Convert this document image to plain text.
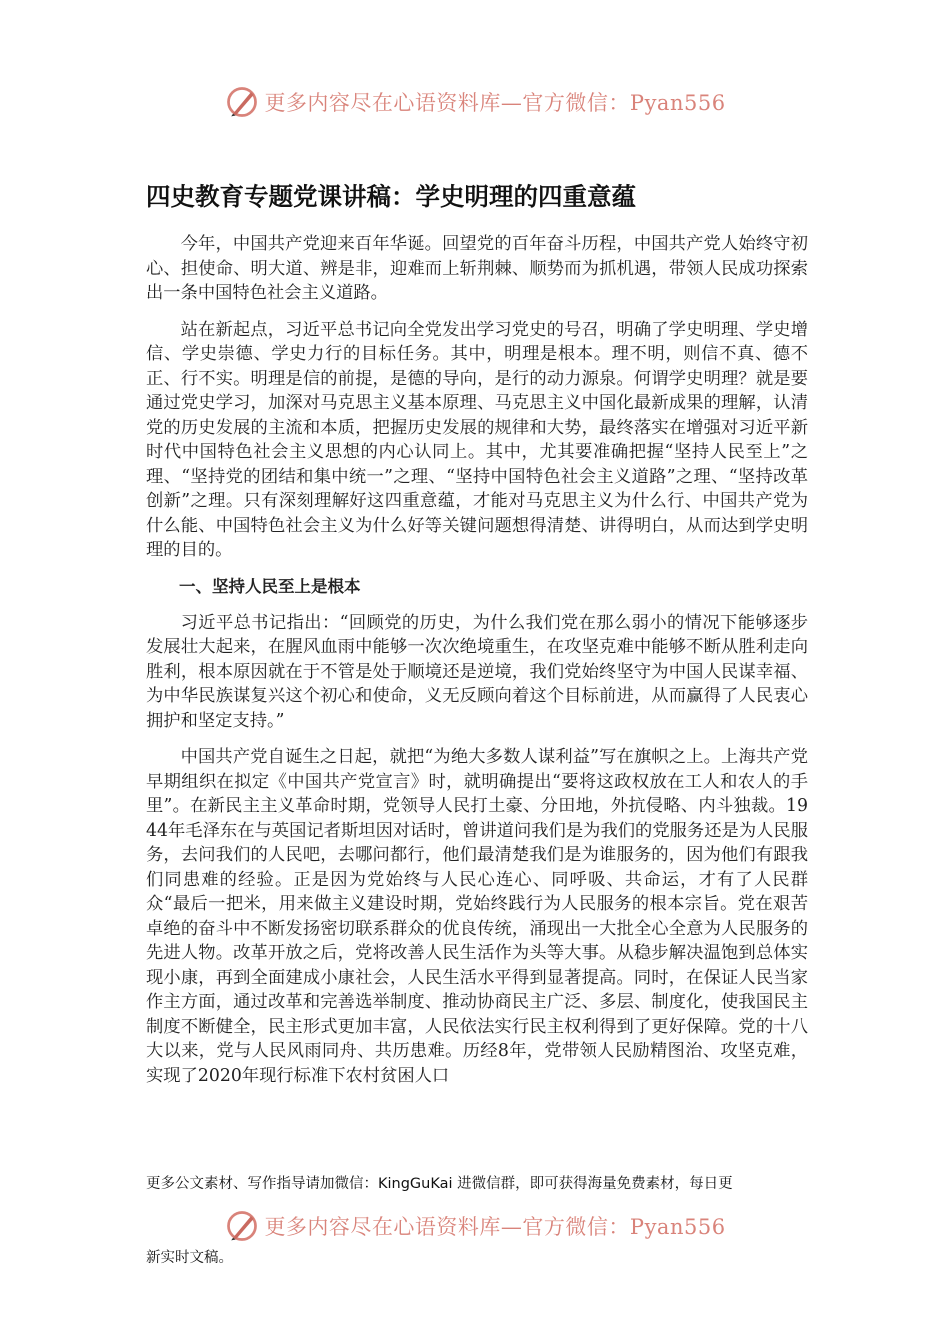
更多内容尽在心语资料库—官方微信：Pyan556
四史教育专题党课讲稿：学史明理的四重意蕴

今年，中国共产党迎来百年华诞。回望党的百年奋斗历程，中国共产党人始终守初心、担使命、明大道、辨是非，迎难而上斩荆棘、顺势而为抓机遇，带领人民成功探索出一条中国特色社会主义道路。

站在新起点，习近平总书记向全党发出学习党史的号召，明确了学史明理、学史增信、学史崇德、学史力行的目标任务。其中，明理是根本。理不明，则信不真、德不正、行不实。明理是信的前提，是德的导向，是行的动力源泉。何谓学史明理？就是要通过党史学习，加深对马克思主义基本原理、马克思主义中国化最新成果的理解，认清党的历史发展的主流和本质，把握历史发展的规律和大势，最终落实在增强对习近平新时代中国特色社会主义思想的内心认同上。其中，尤其要准确把握“坚持人民至上”之理、“坚持党的团结和集中统一”之理、“坚持中国特色社会主义道路”之理、“坚持改革创新”之理。只有深刻理解好这四重意蕴，才能对马克思主义为什么行、中国共产党为什么能、中国特色社会主义为什么好等关键问题想得清楚、讲得明白，从而达到学史明理的目的。

一、坚持人民至上是根本

习近平总书记指出：“回顾党的历史，为什么我们党在那么弱小的情况下能够逐步发展壮大起来，在腥风血雨中能够一次次绝境重生，在攻坚克难中能够不断从胜利走向胜利，根本原因就在于不管是处于顺境还是逆境，我们党始终坚守为中国人民谋幸福、为中华民族谋复兴这个初心和使命，义无反顾向着这个目标前进，从而赢得了人民衷心拥护和坚定支持。”

中国共产党自诞生之日起，就把“为绝大多数人谋利益”写在旗帜之上。上海共产党早期组织在拟定《中国共产党宣言》时，就明确提出“要将这政权放在工人和农人的手里”。在新民主主义革命时期，党领导人民打土豪、分田地，外抗侵略、内斗独裁。1944年毛泽东在与英国记者斯坦因对话时，曾讲道问我们是为我们的党服务还是为人民服务，去问我们的人民吧，去哪问都行，他们最清楚我们是为谁服务的，因为他们有跟我们同患难的经验。正是因为党始终与人民心连心、同呼吸、共命运，才有了人民群众“最后一把米，用来做主义建设时期，党始终践行为人民服务的根本宗旨。党在艰苦卓绝的奋斗中不断发扬密切联系群众的优良传统，涌现出一大批全心全意为人民服务的先进人物。改革开放之后，党将改善人民生活作为头等大事。从稳步解决温饱到总体实现小康，再到全面建成小康社会，人民生活水平得到显著提高。同时，在保证人民当家作主方面，通过改革和完善选举制度、推动协商民主广泛、多层、制度化，使我国民主制度不断健全，民主形式更加丰富，人民依法实行民主权利得到了更好保障。党的十八大以来，党与人民风雨同舟、共历患难。历经8年，党带领人民励精图治、攻坚克难，实现了2020年现行标准下农村贫困人口

更多公文素材、写作指导请加微信：KingGuKai 进微信群，即可获得海量免费素材，每日更
更多内容尽在心语资料库—官方微信：Pyan556
新实时文稿。
